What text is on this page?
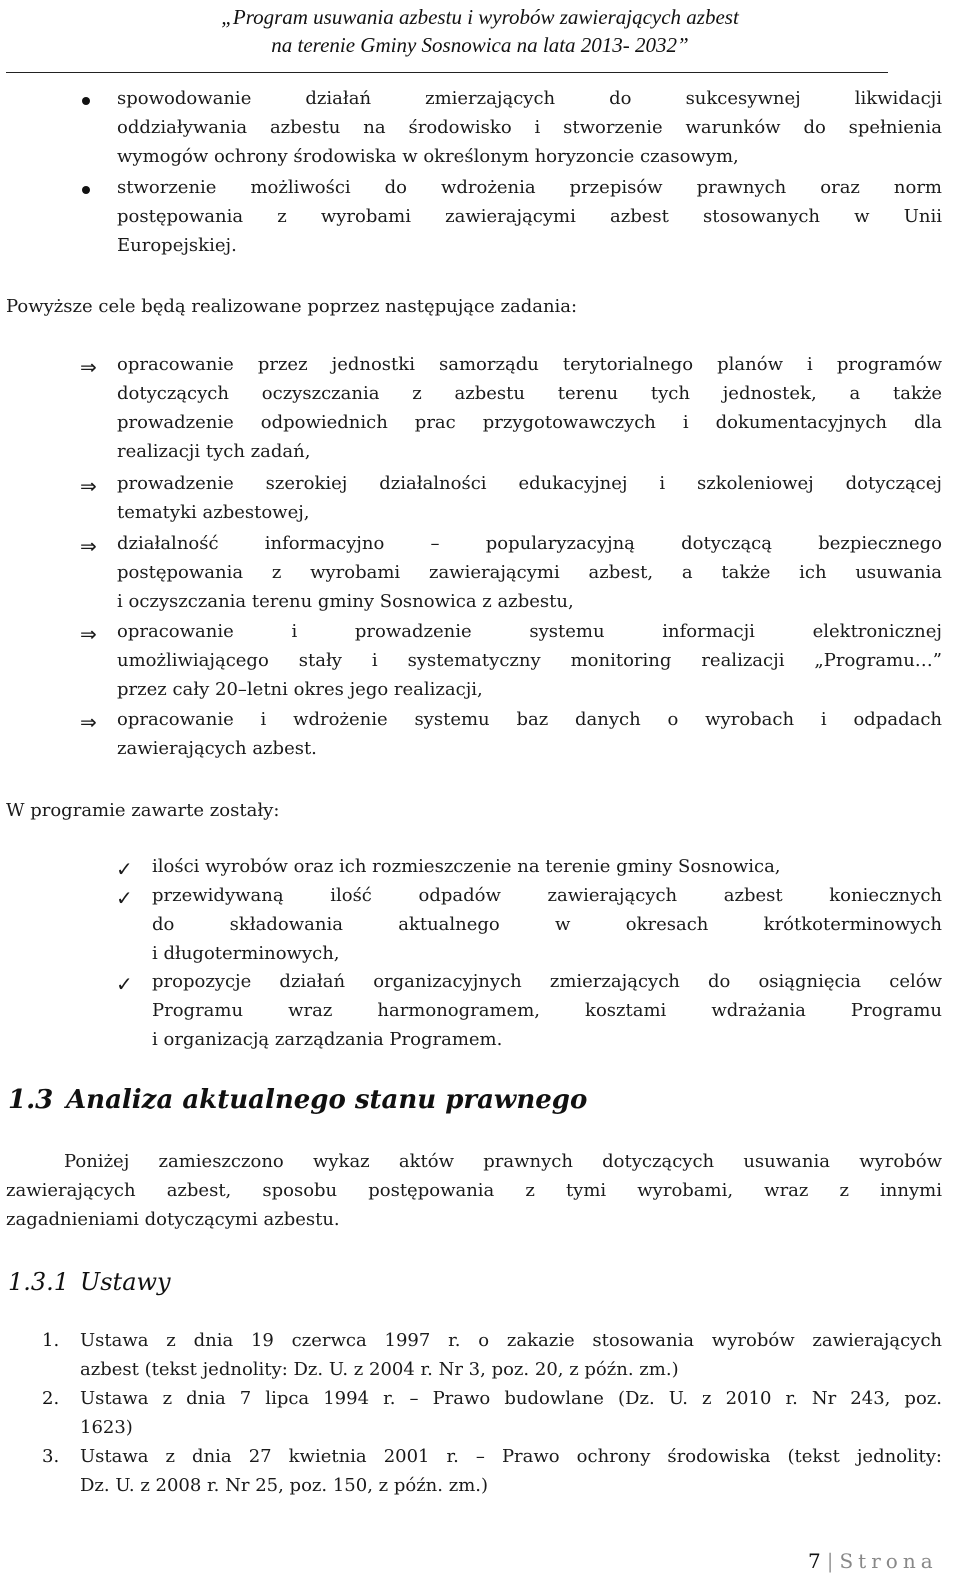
„Program usuwania azbestu i wyrobów zawierających azbest
na terenie Gminy Sosnowica na lata 2013- 2032”
spowodowanie działań zmierzających do sukcesywnej likwidacji
oddziaływania azbestu na środowisko i stworzenie warunków do spełnienia
wymogów ochrony środowiska w określonym horyzoncie czasowym,
stworzenie możliwości do wdrożenia przepisów prawnych oraz norm
postępowania z wyrobami zawierającymi azbest stosowanych w Unii
Europejskiej.
Powyższe cele będą realizowane poprzez następujące zadania:
⇒ opracowanie przez jednostki samorządu terytorialnego planów i programów
dotyczących oczyszczania z azbestu terenu tych jednostek, a także
prowadzenie odpowiednich prac przygotowawczych i dokumentacyjnych dla
realizacji tych zadań,
⇒ prowadzenie szerokiej działalności edukacyjnej i szkoleniowej dotyczącej
tematyki azbestowej,
⇒ działalność informacyjno – popularyzacyjną dotyczącą bezpiecznego
postępowania z wyrobami zawierającymi azbest, a także ich usuwania
i oczyszczania terenu gminy Sosnowica z azbestu,
⇒ opracowanie i prowadzenie systemu informacji elektronicznej
umożliwiającego stały i systematyczny monitoring realizacji „Programu…”
przez cały 20–letni okres jego realizacji,
⇒ opracowanie i wdrożenie systemu baz danych o wyrobach i odpadach
zawierających azbest.
W programie zawarte zostały:
✓ ilości wyrobów oraz ich rozmieszczenie na terenie gminy Sosnowica,
✓ przewidywaną ilość odpadów zawierających azbest koniecznych
do składowania aktualnego w okresach krótkoterminowych
i długoterminowych,
✓ propozycje działań organizacyjnych zmierzających do osiągnięcia celów
Programu wraz harmonogramem, kosztami wdrażania Programu
i organizacją zarządzania Programem.
1.3 Analiza aktualnego stanu prawnego
Poniżej zamieszczono wykaz aktów prawnych dotyczących usuwania wyrobów
zawierających azbest, sposobu postępowania z tymi wyrobami, wraz z innymi
zagadnieniami dotyczącymi azbestu.
1.3.1 Ustawy
1. Ustawa z dnia 19 czerwca 1997 r. o zakazie stosowania wyrobów zawierających
azbest (tekst jednolity: Dz. U. z 2004 r. Nr 3, poz. 20, z późn. zm.)
2. Ustawa z dnia 7 lipca 1994 r. – Prawo budowlane (Dz. U. z 2010 r. Nr 243, poz.
1623)
3. Ustawa z dnia 27 kwietnia 2001 r. – Prawo ochrony środowiska (tekst jednolity:
Dz. U. z 2008 r. Nr 25, poz. 150, z późn. zm.)
7 | Strona
